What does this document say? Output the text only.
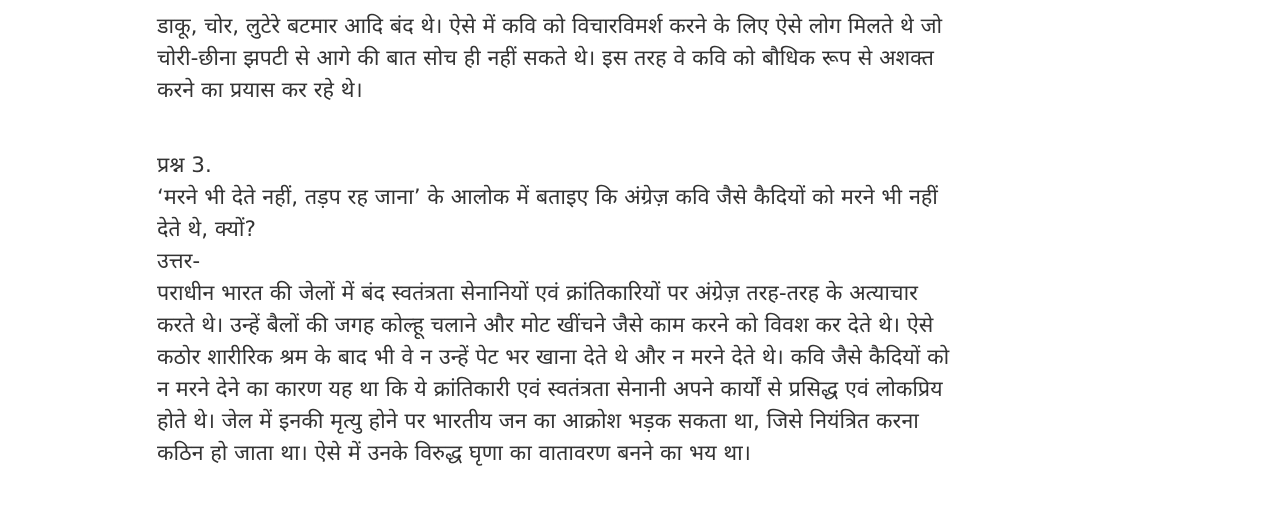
डाकू, चोर, लुटेरे बटमार आदि बंद थे। ऐसे में कवि को विचारविमर्श करने के लिए ऐसे लोग मिलते थे जो
चोरी-छीना झपटी से आगे की बात सोच ही नहीं सकते थे। इस तरह वे कवि को बौधिक रूप से अशक्त
करने का प्रयास कर रहे थे।
प्रश्न 3.
‘मरने भी देते नहीं, तड़प रह जाना’ के आलोक में बताइए कि अंग्रेज़ कवि जैसे कैदियों को मरने भी नहीं
देते थे, क्यों?
उत्तर-
पराधीन भारत की जेलों में बंद स्वतंत्रता सेनानियों एवं क्रांतिकारियों पर अंग्रेज़ तरह-तरह के अत्याचार
करते थे। उन्हें बैलों की जगह कोल्हू चलाने और मोट खींचने जैसे काम करने को विवश कर देते थे। ऐसे
कठोर शारीरिक श्रम के बाद भी वे न उन्हें पेट भर खाना देते थे और न मरने देते थे। कवि जैसे कैदियों को
न मरने देने का कारण यह था कि ये क्रांतिकारी एवं स्वतंत्रता सेनानी अपने कार्यों से प्रसिद्ध एवं लोकप्रिय
होते थे। जेल में इनकी मृत्यु होने पर भारतीय जन का आक्रोश भड़क सकता था, जिसे नियंत्रित करना
कठिन हो जाता था। ऐसे में उनके विरुद्ध घृणा का वातावरण बनने का भय था।
